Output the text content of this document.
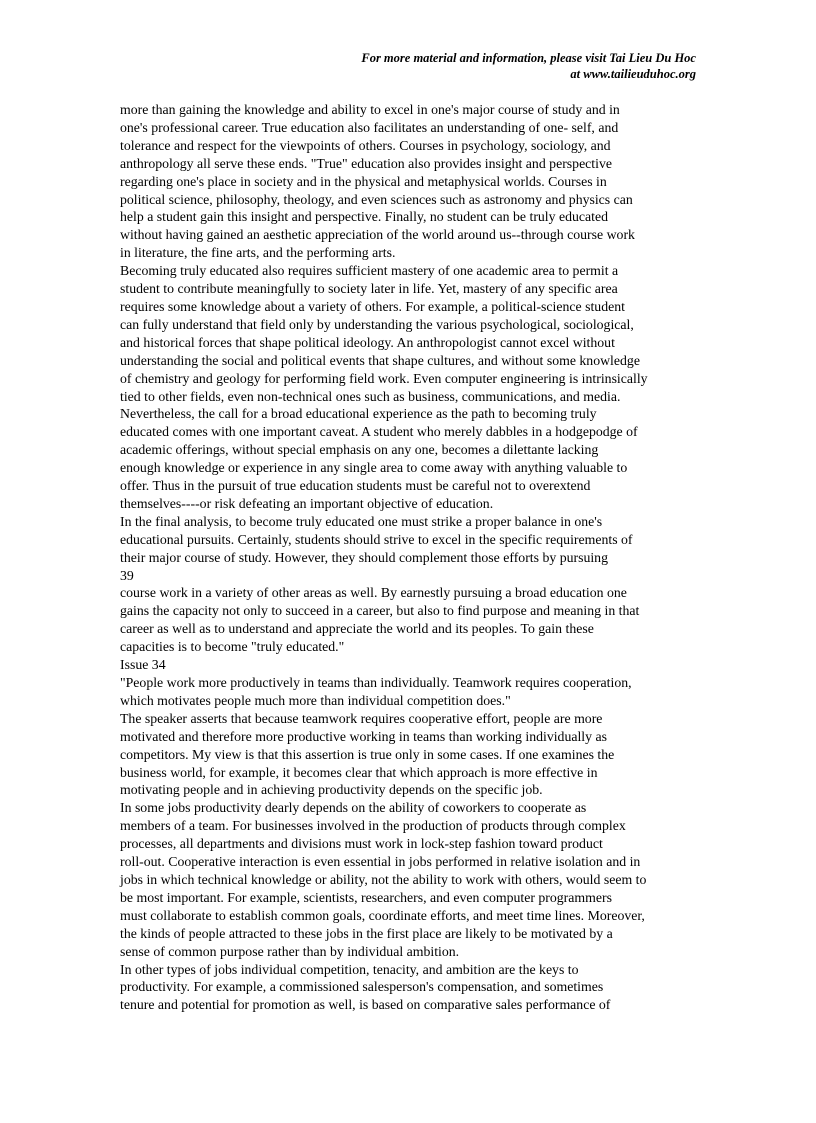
For more material and information, please visit Tai Lieu Du Hoc
at www.tailieuduhoc.org
more than gaining the knowledge and ability to excel in one's major course of study and in
one's professional career. True education also facilitates an understanding of one- self, and
tolerance and respect for the viewpoints of others. Courses in psychology, sociology, and
anthropology all serve these ends. "True" education also provides insight and perspective
regarding one's place in society and in the physical and metaphysical worlds. Courses in
political science, philosophy, theology, and even sciences such as astronomy and physics can
help a student gain this insight and perspective. Finally, no student can be truly educated
without having gained an aesthetic appreciation of the world around us--through course work
in literature, the fine arts, and the performing arts.
Becoming truly educated also requires sufficient mastery of one academic area to permit a
student to contribute meaningfully to society later in life. Yet, mastery of any specific area
requires some knowledge about a variety of others. For example, a political-science student
can fully understand that field only by understanding the various psychological, sociological,
and historical forces that shape political ideology. An anthropologist cannot excel without
understanding the social and political events that shape cultures, and without some knowledge
of chemistry and geology for performing field work. Even computer engineering is intrinsically
tied to other fields, even non-technical ones such as business, communications, and media.
Nevertheless, the call for a broad educational experience as the path to becoming truly
educated comes with one important caveat. A student who merely dabbles in a hodgepodge of
academic offerings, without special emphasis on any one, becomes a dilettante lacking
enough knowledge or experience in any single area to come away with anything valuable to
offer. Thus in the pursuit of true education students must be careful not to overextend
themselves----or risk defeating an important objective of education.
In the final analysis, to become truly educated one must strike a proper balance in one's
educational pursuits. Certainly, students should strive to excel in the specific requirements of
their major course of study. However, they should complement those efforts by pursuing
39
course work in a variety of other areas as well. By earnestly pursuing a broad education one
gains the capacity not only to succeed in a career, but also to find purpose and meaning in that
career as well as to understand and appreciate the world and its peoples. To gain these
capacities is to become "truly educated."
Issue 34
"People work more productively in teams than individually. Teamwork requires cooperation,
which motivates people much more than individual competition does."
The speaker asserts that because teamwork requires cooperative effort, people are more
motivated and therefore more productive working in teams than working individually as
competitors. My view is that this assertion is true only in some cases. If one examines the
business world, for example, it becomes clear that which approach is more effective in
motivating people and in achieving productivity depends on the specific job.
In some jobs productivity dearly depends on the ability of coworkers to cooperate as
members of a team. For businesses involved in the production of products through complex
processes, all departments and divisions must work in lock-step fashion toward product
roll-out. Cooperative interaction is even essential in jobs performed in relative isolation and in
jobs in which technical knowledge or ability, not the ability to work with others, would seem to
be most important. For example, scientists, researchers, and even computer programmers
must collaborate to establish common goals, coordinate efforts, and meet time lines. Moreover,
the kinds of people attracted to these jobs in the first place are likely to be motivated by a
sense of common purpose rather than by individual ambition.
In other types of jobs individual competition, tenacity, and ambition are the keys to
productivity. For example, a commissioned salesperson's compensation, and sometimes
tenure and potential for promotion as well, is based on comparative sales performance of
